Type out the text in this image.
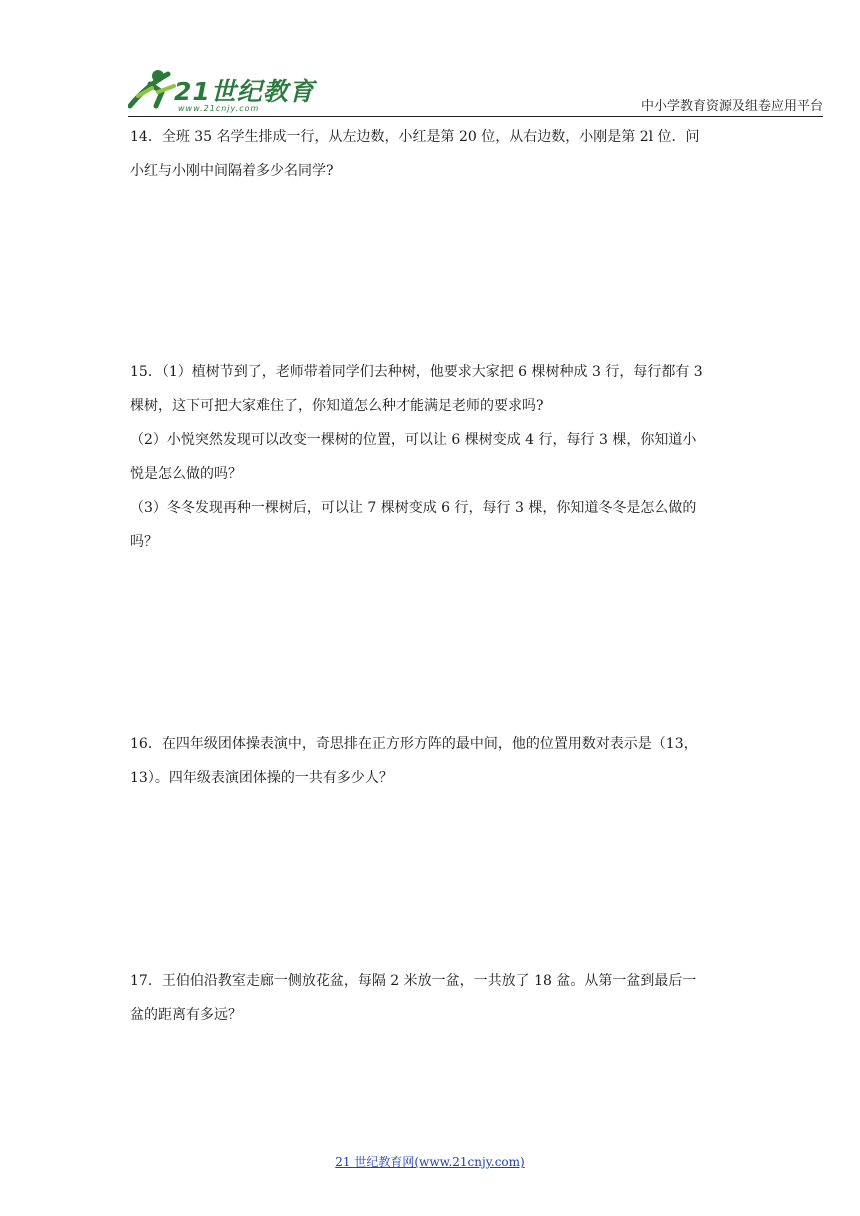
21世纪教育
www.21cnjy.com	中小学教育资源及组卷应用平台

14．全班 35 名学生排成一行，从左边数，小红是第 20 位，从右边数，小刚是第 2l 位．问

小红与小刚中间隔着多少名同学?

15．（1）植树节到了，老师带着同学们去种树，他要求大家把 6 棵树种成 3 行，每行都有 3

棵树，这下可把大家难住了，你知道怎么种才能满足老师的要求吗?

（2）小悦突然发现可以改变一棵树的位置，可以让 6 棵树变成 4 行，每行 3 棵，你知道小

悦是怎么做的吗？

（3）冬冬发现再种一棵树后，可以让 7 棵树变成 6 行，每行 3 棵，你知道冬冬是怎么做的

吗？

16．在四年级团体操表演中，奇思排在正方形方阵的最中间，他的位置用数对表示是（13，

13）。四年级表演团体操的一共有多少人？

17．王伯伯沿教室走廊一侧放花盆，每隔 2 米放一盆，一共放了 18 盆。从第一盆到最后一

盆的距离有多远？

21 世纪教育网(www.21cnjy.com)
